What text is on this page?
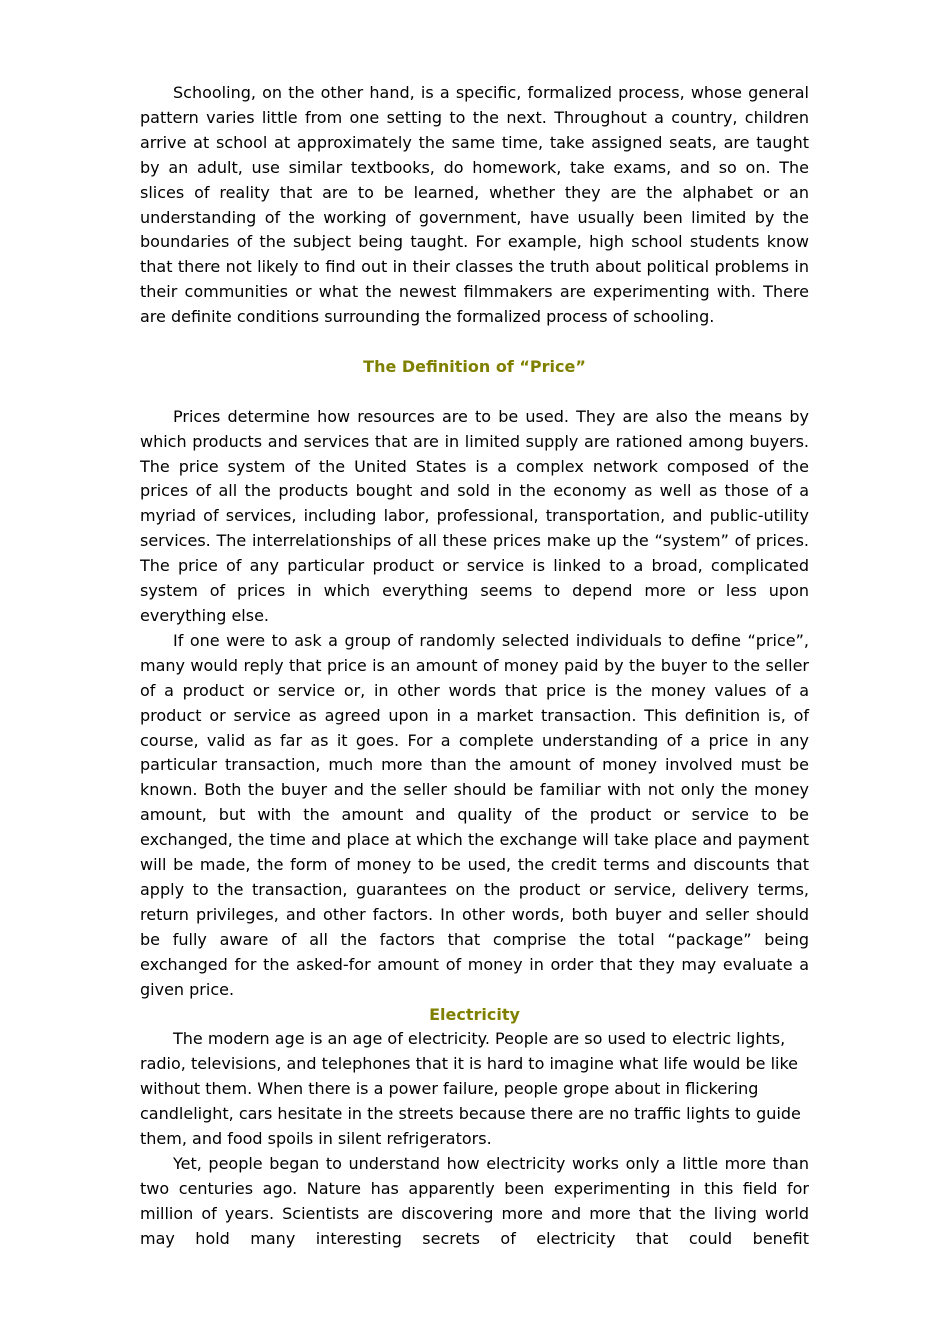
Schooling, on the other hand, is a specific, formalized process, whose general pattern varies little from one setting to the next. Throughout a country, children arrive at school at approximately the same time, take assigned seats, are taught by an adult, use similar textbooks, do homework, take exams, and so on. The slices of reality that are to be learned, whether they are the alphabet or an understanding of the working of government, have usually been limited by the boundaries of the subject being taught. For example, high school students know that there not likely to find out in their classes the truth about political problems in their communities or what the newest filmmakers are experimenting with. There are definite conditions surrounding the formalized process of schooling.

The Definition of “Price”

Prices determine how resources are to be used. They are also the means by which products and services that are in limited supply are rationed among buyers. The price system of the United States is a complex network composed of the prices of all the products bought and sold in the economy as well as those of a myriad of services, including labor, professional, transportation, and public-utility services. The interrelationships of all these prices make up the “system” of prices. The price of any particular product or service is linked to a broad, complicated system of prices in which everything seems to depend more or less upon everything else.

If one were to ask a group of randomly selected individuals to define “price”, many would reply that price is an amount of money paid by the buyer to the seller of a product or service or, in other words that price is the money values of a product or service as agreed upon in a market transaction. This definition is, of course, valid as far as it goes. For a complete understanding of a price in any particular transaction, much more than the amount of money involved must be known. Both the buyer and the seller should be familiar with not only the money amount, but with the amount and quality of the product or service to be exchanged, the time and place at which the exchange will take place and payment will be made, the form of money to be used, the credit terms and discounts that apply to the transaction, guarantees on the product or service, delivery terms, return privileges, and other factors. In other words, both buyer and seller should be fully aware of all the factors that comprise the total “package” being exchanged for the asked-for amount of money in order that they may evaluate a given price.

Electricity

The modern age is an age of electricity. People are so used to electric lights, radio, televisions, and telephones that it is hard to imagine what life would be like without them. When there is a power failure, people grope about in flickering candlelight, cars hesitate in the streets because there are no traffic lights to guide them, and food spoils in silent refrigerators.

Yet, people began to understand how electricity works only a little more than two centuries ago. Nature has apparently been experimenting in this field for million of years. Scientists are discovering more and more that the living world may hold many interesting secrets of electricity that could benefit
